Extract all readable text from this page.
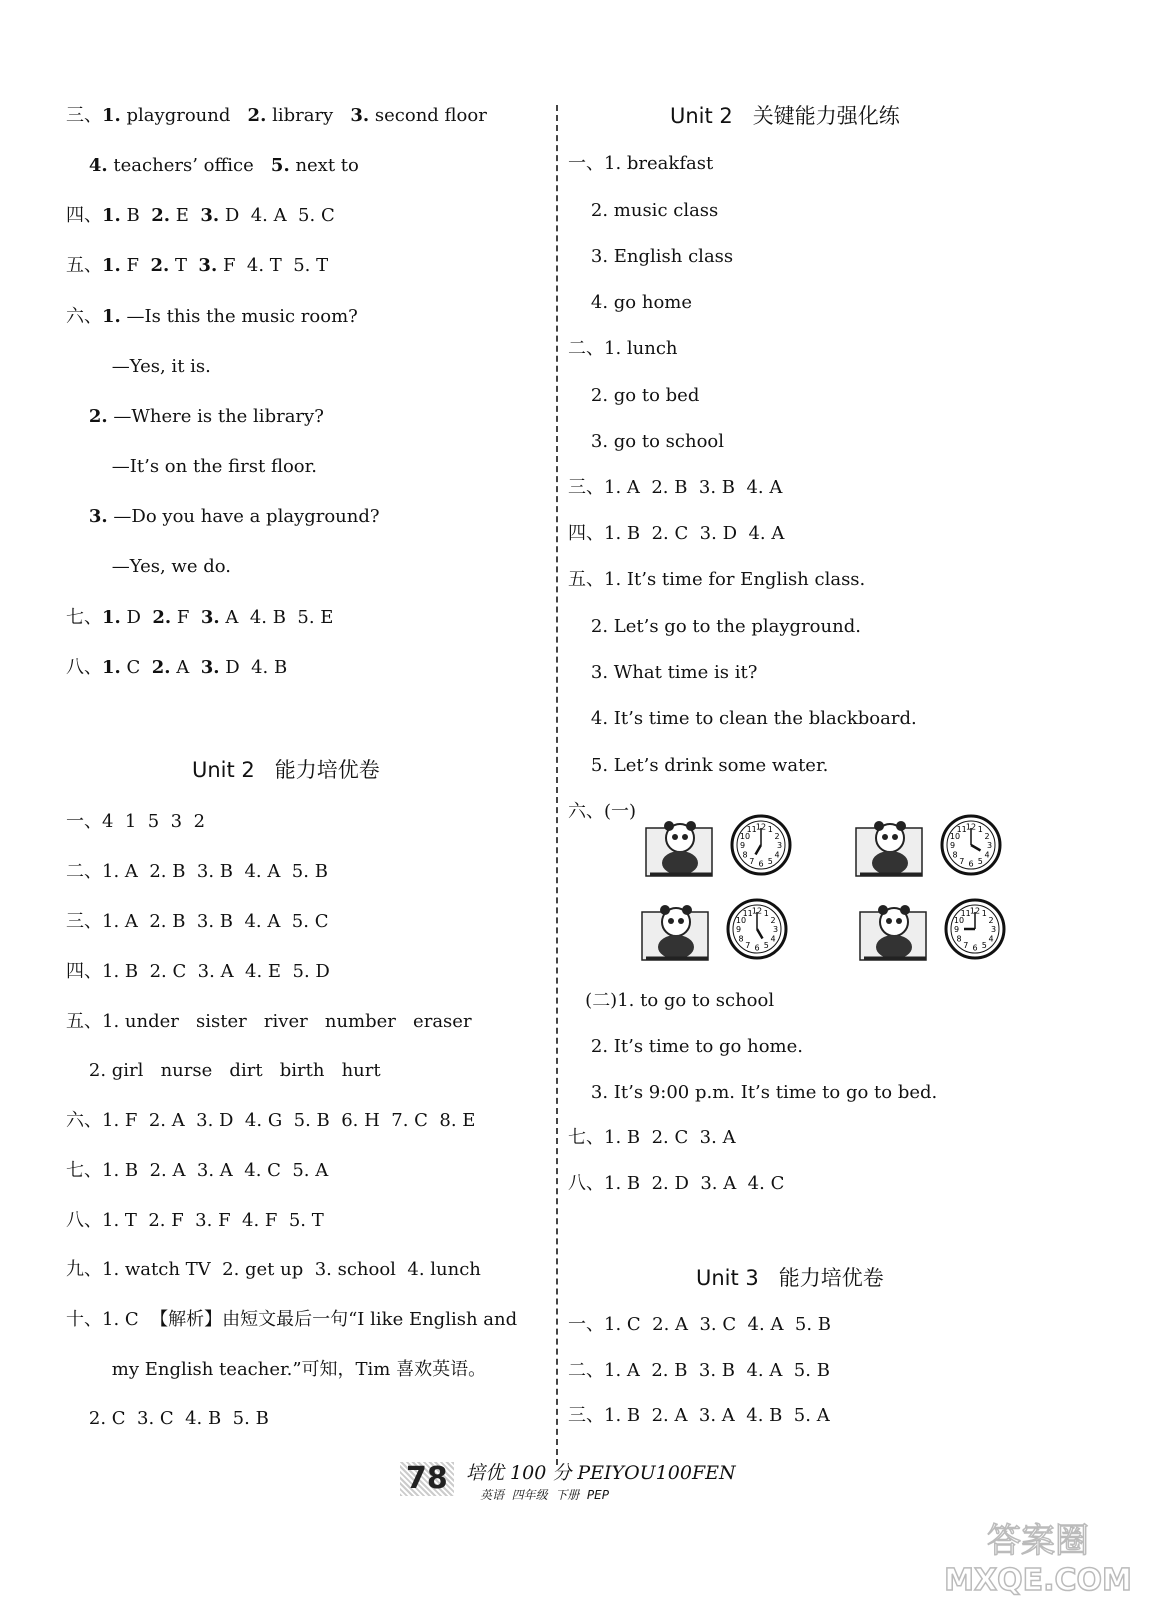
三、1. playground   2. library   3. second floor
4. teachers’ office   5. next to
四、1. B  2. E  3. D  4. A  5. C
五、1. F  2. T  3. F  4. T  5. T
六、1. —Is this the music room?
—Yes, it is.
2. —Where is the library?
—It’s on the first floor.
3. —Do you have a playground?
—Yes, we do.
七、1. D  2. F  3. A  4. B  5. E
八、1. C  2. A  3. D  4. B
Unit 2   能力培优卷
一、4  1  5  3  2
二、1. A  2. B  3. B  4. A  5. B
三、1. A  2. B  3. B  4. A  5. C
四、1. B  2. C  3. A  4. E  5. D
五、1. under   sister   river   number   eraser
2. girl   nurse   dirt   birth   hurt
六、1. F  2. A  3. D  4. G  5. B  6. H  7. C  8. E
七、1. B  2. A  3. A  4. C  5. A
八、1. T  2. F  3. F  4. F  5. T
九、1. watch TV  2. get up  3. school  4. lunch
十、1. C  【解析】由短文最后一句“I like English and
my English teacher.”可知，Tim 喜欢英语。
2. C  3. C  4. B  5. B
Unit 2   关键能力强化练
一、1. breakfast
2. music class
3. English class
4. go home
二、1. lunch
2. go to bed
3. go to school
三、1. A  2. B  3. B  4. A
四、1. B  2. C  3. D  4. A
五、1. It’s time for English class.
2. Let’s go to the playground.
3. What time is it?
4. It’s time to clean the blackboard.
5. Let’s drink some water.
六、(一)
1
2
3
4
5
6
7
8
9
10
11 12	1
2
3
4
5
6
7
8
9
10
11 12
1
2
3
4
5
6
7
8
9
10
11 12	1
2
3
4
5
6
7
8
9
10
11 12
(二)1. to go to school
2. It’s time to go home.
3. It’s 9:00 p.m. It’s time to go to bed.
七、1. B  2. C  3. A
八、1. B  2. D  3. A  4. C
Unit 3   能力培优卷
一、1. C  2. A  3. C  4. A  5. B
二、1. A  2. B  3. B  4. A  5. B
三、1. B  2. A  3. A  4. B  5. A
78 培优 100 分 PEIYOU100FEN
英语  四年级  下册  PEP
答案圈
MXQE.COM
